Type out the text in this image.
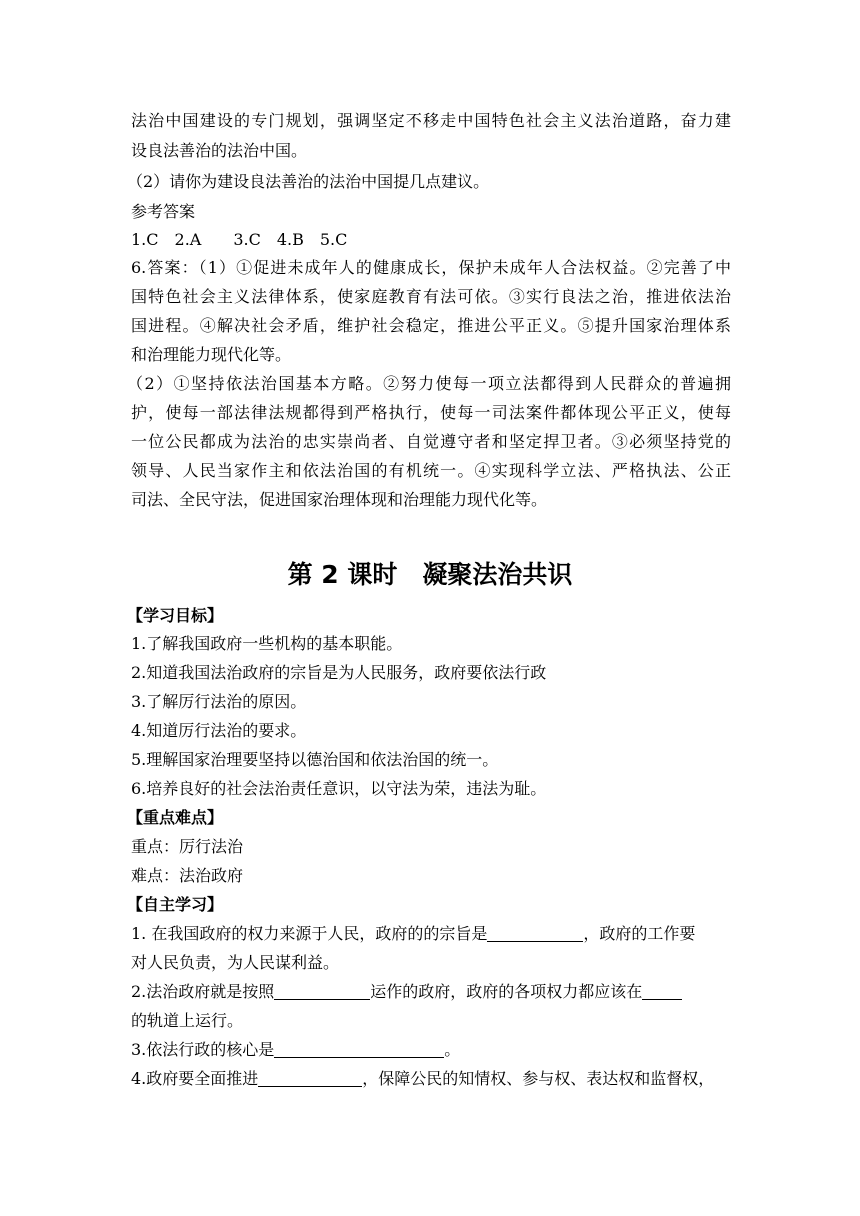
法治中国建设的专门规划，强调坚定不移走中国特色社会主义法治道路，奋力建
设良法善治的法治中国。
（2）请你为建设良法善治的法治中国提几点建议。
参考答案
1.C　2.A　　3.C　4.B　5.C
6.答案：（1）①促进未成年人的健康成长，保护未成年人合法权益。②完善了中
国特色社会主义法律体系，使家庭教育有法可依。③实行良法之治，推进依法治
国进程。④解决社会矛盾，维护社会稳定，推进公平正义。⑤提升国家治理体系
和治理能力现代化等。
（2）①坚持依法治国基本方略。②努力使每一项立法都得到人民群众的普遍拥
护，使每一部法律法规都得到严格执行，使每一司法案件都体现公平正义，使每
一位公民都成为法治的忠实崇尚者、自觉遵守者和坚定捍卫者。③必须坚持党的
领导、人民当家作主和依法治国的有机统一。④实现科学立法、严格执法、公正
司法、全民守法，促进国家治理体现和治理能力现代化等。
第 2 课时　凝聚法治共识
【学习目标】
1.了解我国政府一些机构的基本职能。
2.知道我国法治政府的宗旨是为人民服务，政府要依法行政
3.了解厉行法治的原因。
4.知道厉行法治的要求。
5.理解国家治理要坚持以德治国和依法治国的统一。
6.培养良好的社会法治责任意识，以守法为荣，违法为耻。
【重点难点】
重点：厉行法治
难点：法治政府
【自主学习】
1. 在我国政府的权力来源于人民，政府的的宗旨是	，政府的工作要
对人民负责，为人民谋利益。
2.法治政府就是按照	运作的政府，政府的各项权力都应该在
的轨道上运行。
3.依法行政的核心是	。
4.政府要全面推进	，保障公民的知情权、参与权、表达权和监督权，
